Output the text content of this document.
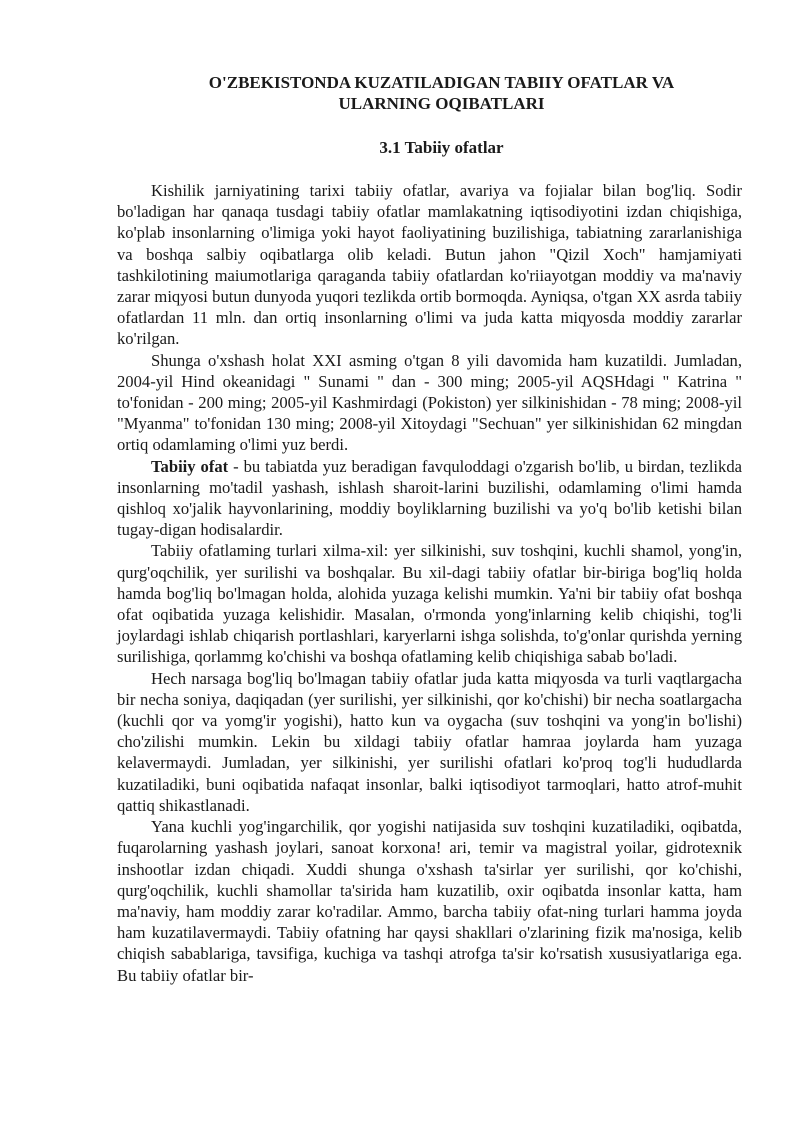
O'ZBEKISTONDA KUZATILADIGAN TABIIY OFATLAR VA
ULARNING OQIBATLARI
3.1 Tabiiy ofatlar

Kishilik jarniyatining tarixi tabiiy ofatlar, avariya va fojialar bilan bog'liq. Sodir bo'ladigan har qanaqa tusdagi tabiiy ofatlar mamlakatning iqtisodiyotini izdan chiqishiga, ko'plab insonlarning o'limiga yoki hayot faoliyatining buzilishiga, tabiatning zararlanishiga va boshqa salbiy oqibatlarga olib keladi. Butun jahon "Qizil Xoch" hamjamiyati tashkilotining maiumotlariga qaraganda tabiiy ofatlardan ko'riiayotgan moddiy va ma'naviy zarar miqyosi butun dunyoda yuqori tezlikda ortib bormoqda. Ayniqsa, o'tgan XX asrda tabiiy ofatlardan 11 mln. dan ortiq insonlarning o'limi va juda katta miqyosda moddiy zararlar ko'rilgan.

Shunga o'xshash holat XXI asming o'tgan 8 yili davomida ham kuzatildi. Jumladan, 2004-yil Hind okeanidagi " Sunami " dan - 300 ming; 2005-yil AQSHdagi " Katrina " to'fonidan - 200 ming; 2005-yil Kashmirdagi (Pokiston) yer silkinishidan - 78 ming; 2008-yil "Myanma" to'fonidan 130 ming; 2008-yil Xitoydagi "Sechuan" yer silkinishidan 62 mingdan ortiq odamlaming o'limi yuz berdi.

Tabiiy ofat - bu tabiatda yuz beradigan favquloddagi o'zgarish bo'lib, u birdan, tezlikda insonlarning mo'tadil yashash, ishlash sharoit-larini buzilishi, odamlaming o'limi hamda qishloq xo'jalik hayvonlarining, moddiy boyliklarning buzilishi va yo'q bo'lib ketishi bilan tugay-digan hodisalardir.

Tabiiy ofatlaming turlari xilma-xil: yer silkinishi, suv toshqini, kuchli shamol, yong'in, qurg'oqchilik, yer surilishi va boshqalar. Bu xil-dagi tabiiy ofatlar bir-biriga bog'liq holda hamda bog'liq bo'lmagan holda, alohida yuzaga kelishi mumkin. Ya'ni bir tabiiy ofat boshqa ofat oqibatida yuzaga kelishidir. Masalan, o'rmonda yong'inlarning kelib chiqishi, tog'li joylardagi ishlab chiqarish portlashlari, karyerlarni ishga solishda, to'g'onlar qurishda yerning surilishiga, qorlammg ko'chishi va boshqa ofatlaming kelib chiqishiga sabab bo'ladi.

Hech narsaga bog'liq bo'lmagan tabiiy ofatlar juda katta miqyosda va turli vaqtlargacha bir necha soniya, daqiqadan (yer surilishi, yer silkinishi, qor ko'chishi) bir necha soatlargacha (kuchli qor va yomg'ir yogishi), hatto kun va oygacha (suv toshqini va yong'in bo'lishi) cho'zilishi mumkin. Lekin bu xildagi tabiiy ofatlar hamraa joylarda ham yuzaga kelavermaydi. Jumladan, yer silkinishi, yer surilishi ofatlari ko'proq tog'li hududlarda kuzatiladiki, buni oqibatida nafaqat insonlar, balki iqtisodiyot tarmoqlari, hatto atrof-muhit qattiq shikastlanadi.

Yana kuchli yog'ingarchilik, qor yogishi natijasida suv toshqini kuzatiladiki, oqibatda, fuqarolarning yashash joylari, sanoat korxona! ari, temir va magistral yoilar, gidrotexnik inshootlar izdan chiqadi. Xuddi shunga o'xshash ta'sirlar yer surilishi, qor ko'chishi, qurg'oqchilik, kuchli shamollar ta'sirida ham kuzatilib, oxir oqibatda insonlar katta, ham ma'naviy, ham moddiy zarar ko'radilar. Ammo, barcha tabiiy ofat-ning turlari hamma joyda ham kuzatilavermaydi. Tabiiy ofatning har qaysi shakllari o'zlarining fizik ma'nosiga, kelib chiqish sabablariga, tavsifiga, kuchiga va tashqi atrofga ta'sir ko'rsatish xususiyatlariga ega. Bu tabiiy ofatlar bir-
